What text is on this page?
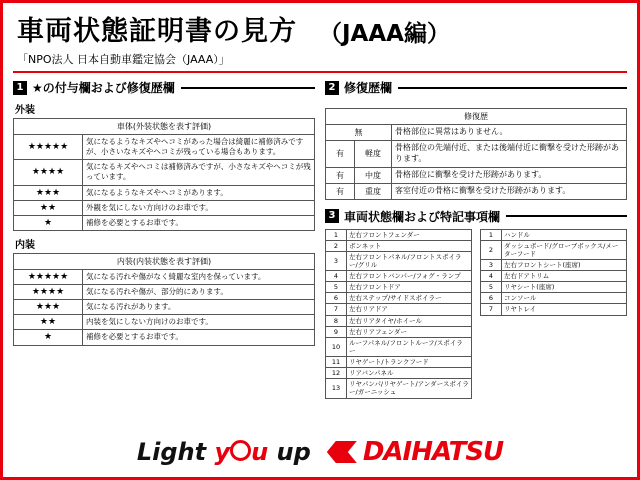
車両状態証明書の見方 （JAAA編）
「NPO法人 日本自動車鑑定協会（JAAA）」
1 ★の付与欄および修復歴欄
外装
車体(外装状態を表す評価)	
★★★★★	気になるようなキズやヘコミがあった場合は綺麗に補修済みですが、小さいなキズやヘコミが残っている場合もあります。
★★★★	気になるキズやヘコミは補修済みですが、小さなキズやヘコミが残っています。
★★★	気になるようなキズやヘコミがあります。
★★	外観を気にしない方向けのお車です。
★	補修を必要とするお車です。
内装
内装(内装状態を表す評価)	
★★★★★	気になる汚れや傷がなく綺麗な室内を保っています。
★★★★	気になる汚れや傷が、部分的にあります。
★★★	気になる汚れがあります。
★★	内装を気にしない方向けのお車です。
★	補修を必要とするお車です。
2 修復歴欄
修復歴		
無		骨格部位に異常はありません。
有	軽度	骨格部位の先端付近、または後端付近に衝撃を受けた形跡があります。
有	中度	骨格部位に衝撃を受けた形跡があります。
有	重度	客室付近の骨格に衝撃を受けた形跡があります。
3 車両状態欄および特記事項欄
1	左右フロントフェンダー
2	ボンネット
3	左右フロントパネル/フロントスポイラー/グリル
4	左右フロントバンパー/フォグ・ランプ
5	左右フロントドア
6	左右ステップ/サイドスポイラー
7	左右リアドア
8	左右リアタイヤ/ホイール
9	左右リアフェンダー
10	ルーフパネル/フロントルーフ/スポイラー
11	リヤゲート/トランクフード
12	リアバンパネル
13	リヤパンパ/リヤゲート/アンダースポイラー/ガーニッシュ
1	ハンドル
2	ダッシュボード/グローブボックス/メーターフード
3	左右フロントシート(座席)
4	左右ドアトリム
5	リヤシート(座席)
6	コンソール
7	リヤトレイ
Light y u up	DAIHATSU
